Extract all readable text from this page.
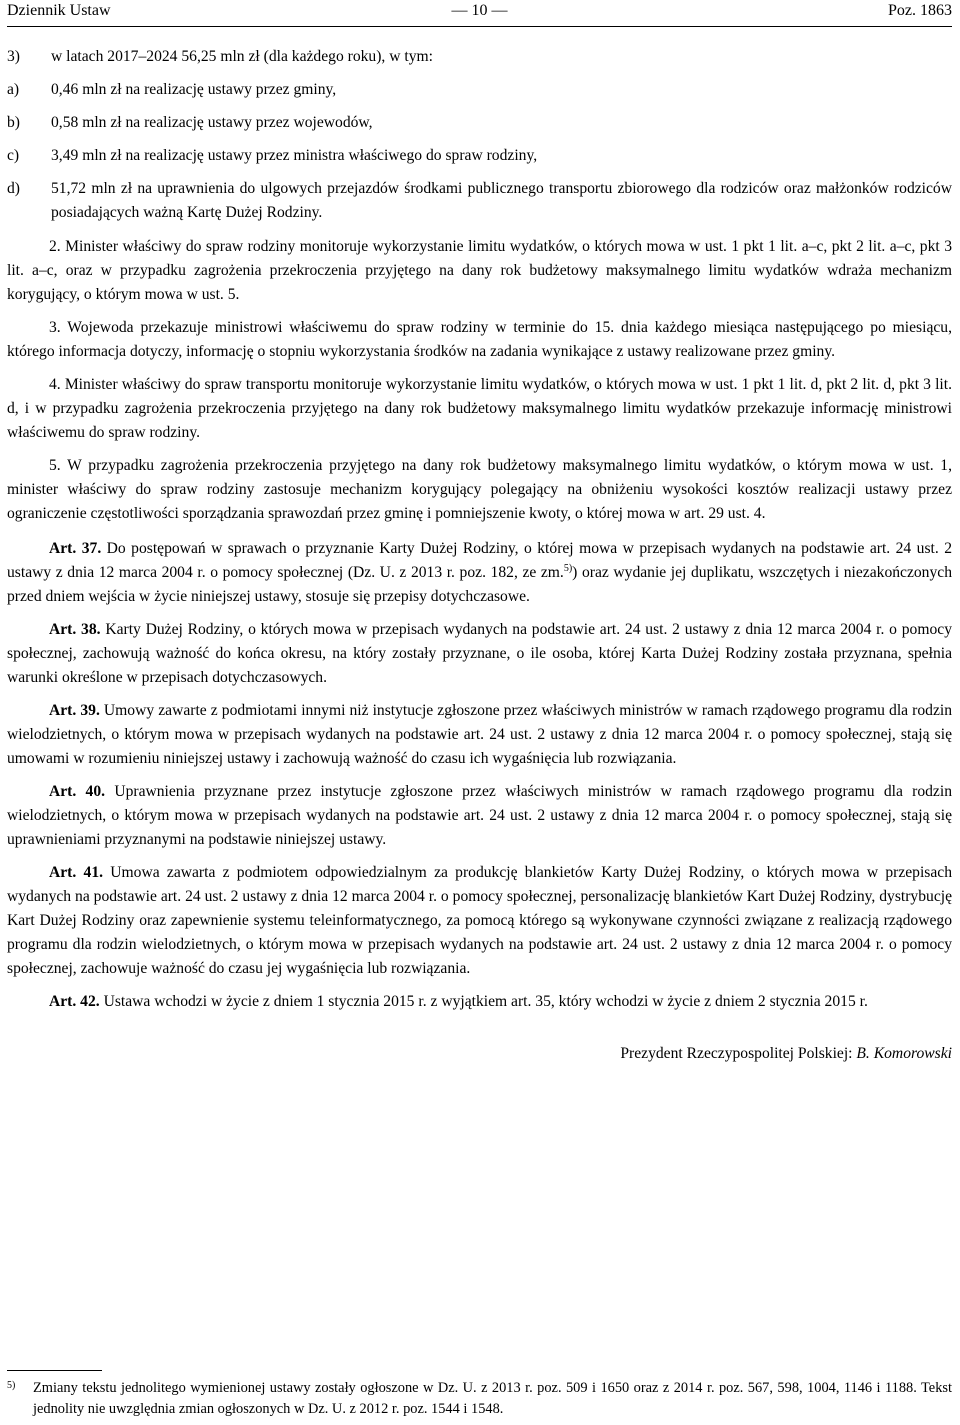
Dziennik Ustaw	— 10 —	Poz. 1863
3) w latach 2017–2024 56,25 mln zł (dla każdego roku), w tym:
a) 0,46 mln zł na realizację ustawy przez gminy,
b) 0,58 mln zł na realizację ustawy przez wojewodów,
c) 3,49 mln zł na realizację ustawy przez ministra właściwego do spraw rodziny,
d) 51,72 mln zł na uprawnienia do ulgowych przejazdów środkami publicznego transportu zbiorowego dla rodziców oraz małżonków rodziców posiadających ważną Kartę Dużej Rodziny.

2. Minister właściwy do spraw rodziny monitoruje wykorzystanie limitu wydatków, o których mowa w ust. 1 pkt 1 lit. a–c, pkt 2 lit. a–c, pkt 3 lit. a–c, oraz w przypadku zagrożenia przekroczenia przyjętego na dany rok budżetowy maksymalnego limitu wydatków wdraża mechanizm korygujący, o którym mowa w ust. 5.

3. Wojewoda przekazuje ministrowi właściwemu do spraw rodziny w terminie do 15. dnia każdego miesiąca następującego po miesiącu, którego informacja dotyczy, informację o stopniu wykorzystania środków na zadania wynikające z ustawy realizowane przez gminy.

4. Minister właściwy do spraw transportu monitoruje wykorzystanie limitu wydatków, o których mowa w ust. 1 pkt 1 lit. d, pkt 2 lit. d, pkt 3 lit. d, i w przypadku zagrożenia przekroczenia przyjętego na dany rok budżetowy maksymalnego limitu wydatków przekazuje informację ministrowi właściwemu do spraw rodziny.

5. W przypadku zagrożenia przekroczenia przyjętego na dany rok budżetowy maksymalnego limitu wydatków, o którym mowa w ust. 1, minister właściwy do spraw rodziny zastosuje mechanizm korygujący polegający na obniżeniu wysokości kosztów realizacji ustawy przez ograniczenie częstotliwości sporządzania sprawozdań przez gminę i pomniejszenie kwoty, o której mowa w art. 29 ust. 4.

Art. 37. Do postępowań w sprawach o przyznanie Karty Dużej Rodziny, o której mowa w przepisach wydanych na podstawie art. 24 ust. 2 ustawy z dnia 12 marca 2004 r. o pomocy społecznej (Dz. U. z 2013 r. poz. 182, ze zm.$^{5)}$) oraz wydanie jej duplikatu, wszczętych i niezakończonych przed dniem wejścia w życie niniejszej ustawy, stosuje się przepisy dotychczasowe.

Art. 38. Karty Dużej Rodziny, o których mowa w przepisach wydanych na podstawie art. 24 ust. 2 ustawy z dnia 12 marca 2004 r. o pomocy społecznej, zachowują ważność do końca okresu, na który zostały przyznane, o ile osoba, której Karta Dużej Rodziny została przyznana, spełnia warunki określone w przepisach dotychczasowych.

Art. 39. Umowy zawarte z podmiotami innymi niż instytucje zgłoszone przez właściwych ministrów w ramach rządowego programu dla rodzin wielodzietnych, o którym mowa w przepisach wydanych na podstawie art. 24 ust. 2 ustawy z dnia 12 marca 2004 r. o pomocy społecznej, stają się umowami w rozumieniu niniejszej ustawy i zachowują ważność do czasu ich wygaśnięcia lub rozwiązania.

Art. 40. Uprawnienia przyznane przez instytucje zgłoszone przez właściwych ministrów w ramach rządowego programu dla rodzin wielodzietnych, o którym mowa w przepisach wydanych na podstawie art. 24 ust. 2 ustawy z dnia 12 marca 2004 r. o pomocy społecznej, stają się uprawnieniami przyznanymi na podstawie niniejszej ustawy.

Art. 41. Umowa zawarta z podmiotem odpowiedzialnym za produkcję blankietów Karty Dużej Rodziny, o których mowa w przepisach wydanych na podstawie art. 24 ust. 2 ustawy z dnia 12 marca 2004 r. o pomocy społecznej, personalizację blankietów Kart Dużej Rodziny, dystrybucję Kart Dużej Rodziny oraz zapewnienie systemu teleinformatycznego, za pomocą którego są wykonywane czynności związane z realizacją rządowego programu dla rodzin wielodzietnych, o którym mowa w przepisach wydanych na podstawie art. 24 ust. 2 ustawy z dnia 12 marca 2004 r. o pomocy społecznej, zachowuje ważność do czasu jej wygaśnięcia lub rozwiązania.

Art. 42. Ustawa wchodzi w życie z dniem 1 stycznia 2015 r. z wyjątkiem art. 35, który wchodzi w życie z dniem 2 stycznia 2015 r.

Prezydent Rzeczypospolitej Polskiej: B. Komorowski
5) Zmiany tekstu jednolitego wymienionej ustawy zostały ogłoszone w Dz. U. z 2013 r. poz. 509 i 1650 oraz z 2014 r. poz. 567, 598, 1004, 1146 i 1188. Tekst jednolity nie uwzględnia zmian ogłoszonych w Dz. U. z 2012 r. poz. 1544 i 1548.
